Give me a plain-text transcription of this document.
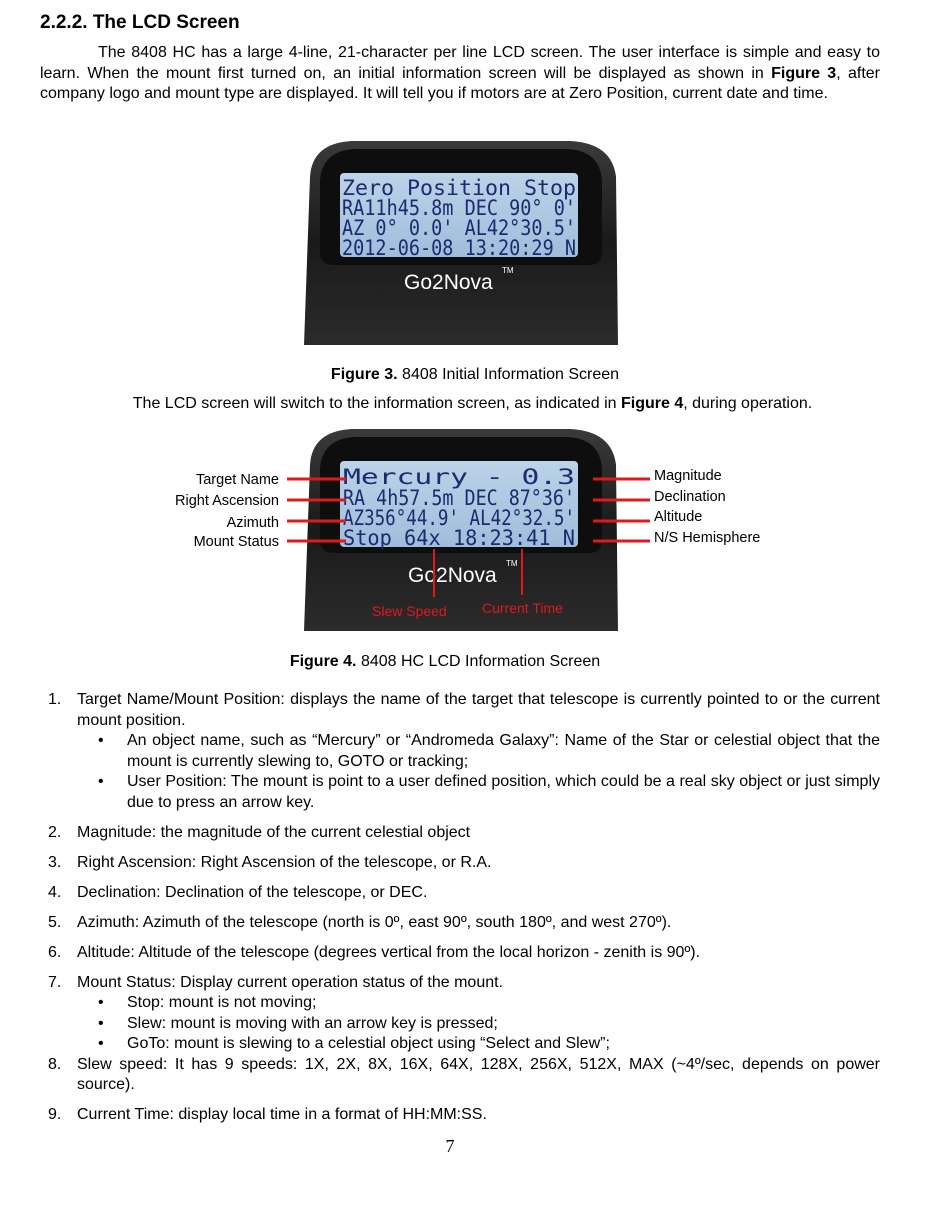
2.2.2. The LCD Screen

The 8408 HC has a large 4-line, 21-character per line LCD screen. The user interface is simple and easy to learn. When the mount first turned on, an initial information screen will be displayed as shown in Figure 3, after company logo and mount type are displayed. It will tell you if motors are at Zero Position, current date and time.

Zero Position Stop
RA11h45.8m DEC 90° 0'
AZ 0° 0.0' AL42°30.5'
2012-06-08 13:20:29 N
Go2Nova
TM
Figure 3. 8408 Initial Information Screen
The LCD screen will switch to the information screen, as indicated in Figure 4, during operation.
Mercury - 0.3
RA 4h57.5m DEC 87°36'
AZ356°44.9' AL42°32.5'
Stop 64x 18:23:41 N
Go2Nova
TM
Target Name
Right Ascension
Azimuth
Mount Status
Magnitude
Declination
Altitude
N/S Hemisphere
Slew Speed	Current Time
Figure 4. 8408 HC LCD Information Screen
1. Target Name/Mount Position: displays the name of the target that telescope is currently pointed to or the current mount position.
• An object name, such as “Mercury” or “Andromeda Galaxy”: Name of the Star or celestial object that the mount is currently slewing to, GOTO or tracking;
• User Position: The mount is point to a user defined position, which could be a real sky object or just simply due to press an arrow key.
2. Magnitude: the magnitude of the current celestial object
3. Right Ascension: Right Ascension of the telescope, or R.A.
4. Declination: Declination of the telescope, or DEC.
5. Azimuth: Azimuth of the telescope (north is 0º, east 90º, south 180º, and west 270º).
6. Altitude: Altitude of the telescope (degrees vertical from the local horizon - zenith is 90º).
7. Mount Status: Display current operation status of the mount.
• Stop: mount is not moving;
• Slew: mount is moving with an arrow key is pressed;
• GoTo: mount is slewing to a celestial object using “Select and Slew”;
8. Slew speed: It has 9 speeds: 1X, 2X, 8X, 16X, 64X, 128X, 256X, 512X, MAX (~4º/sec, depends on power source).
9. Current Time: display local time in a format of HH:MM:SS.
7
